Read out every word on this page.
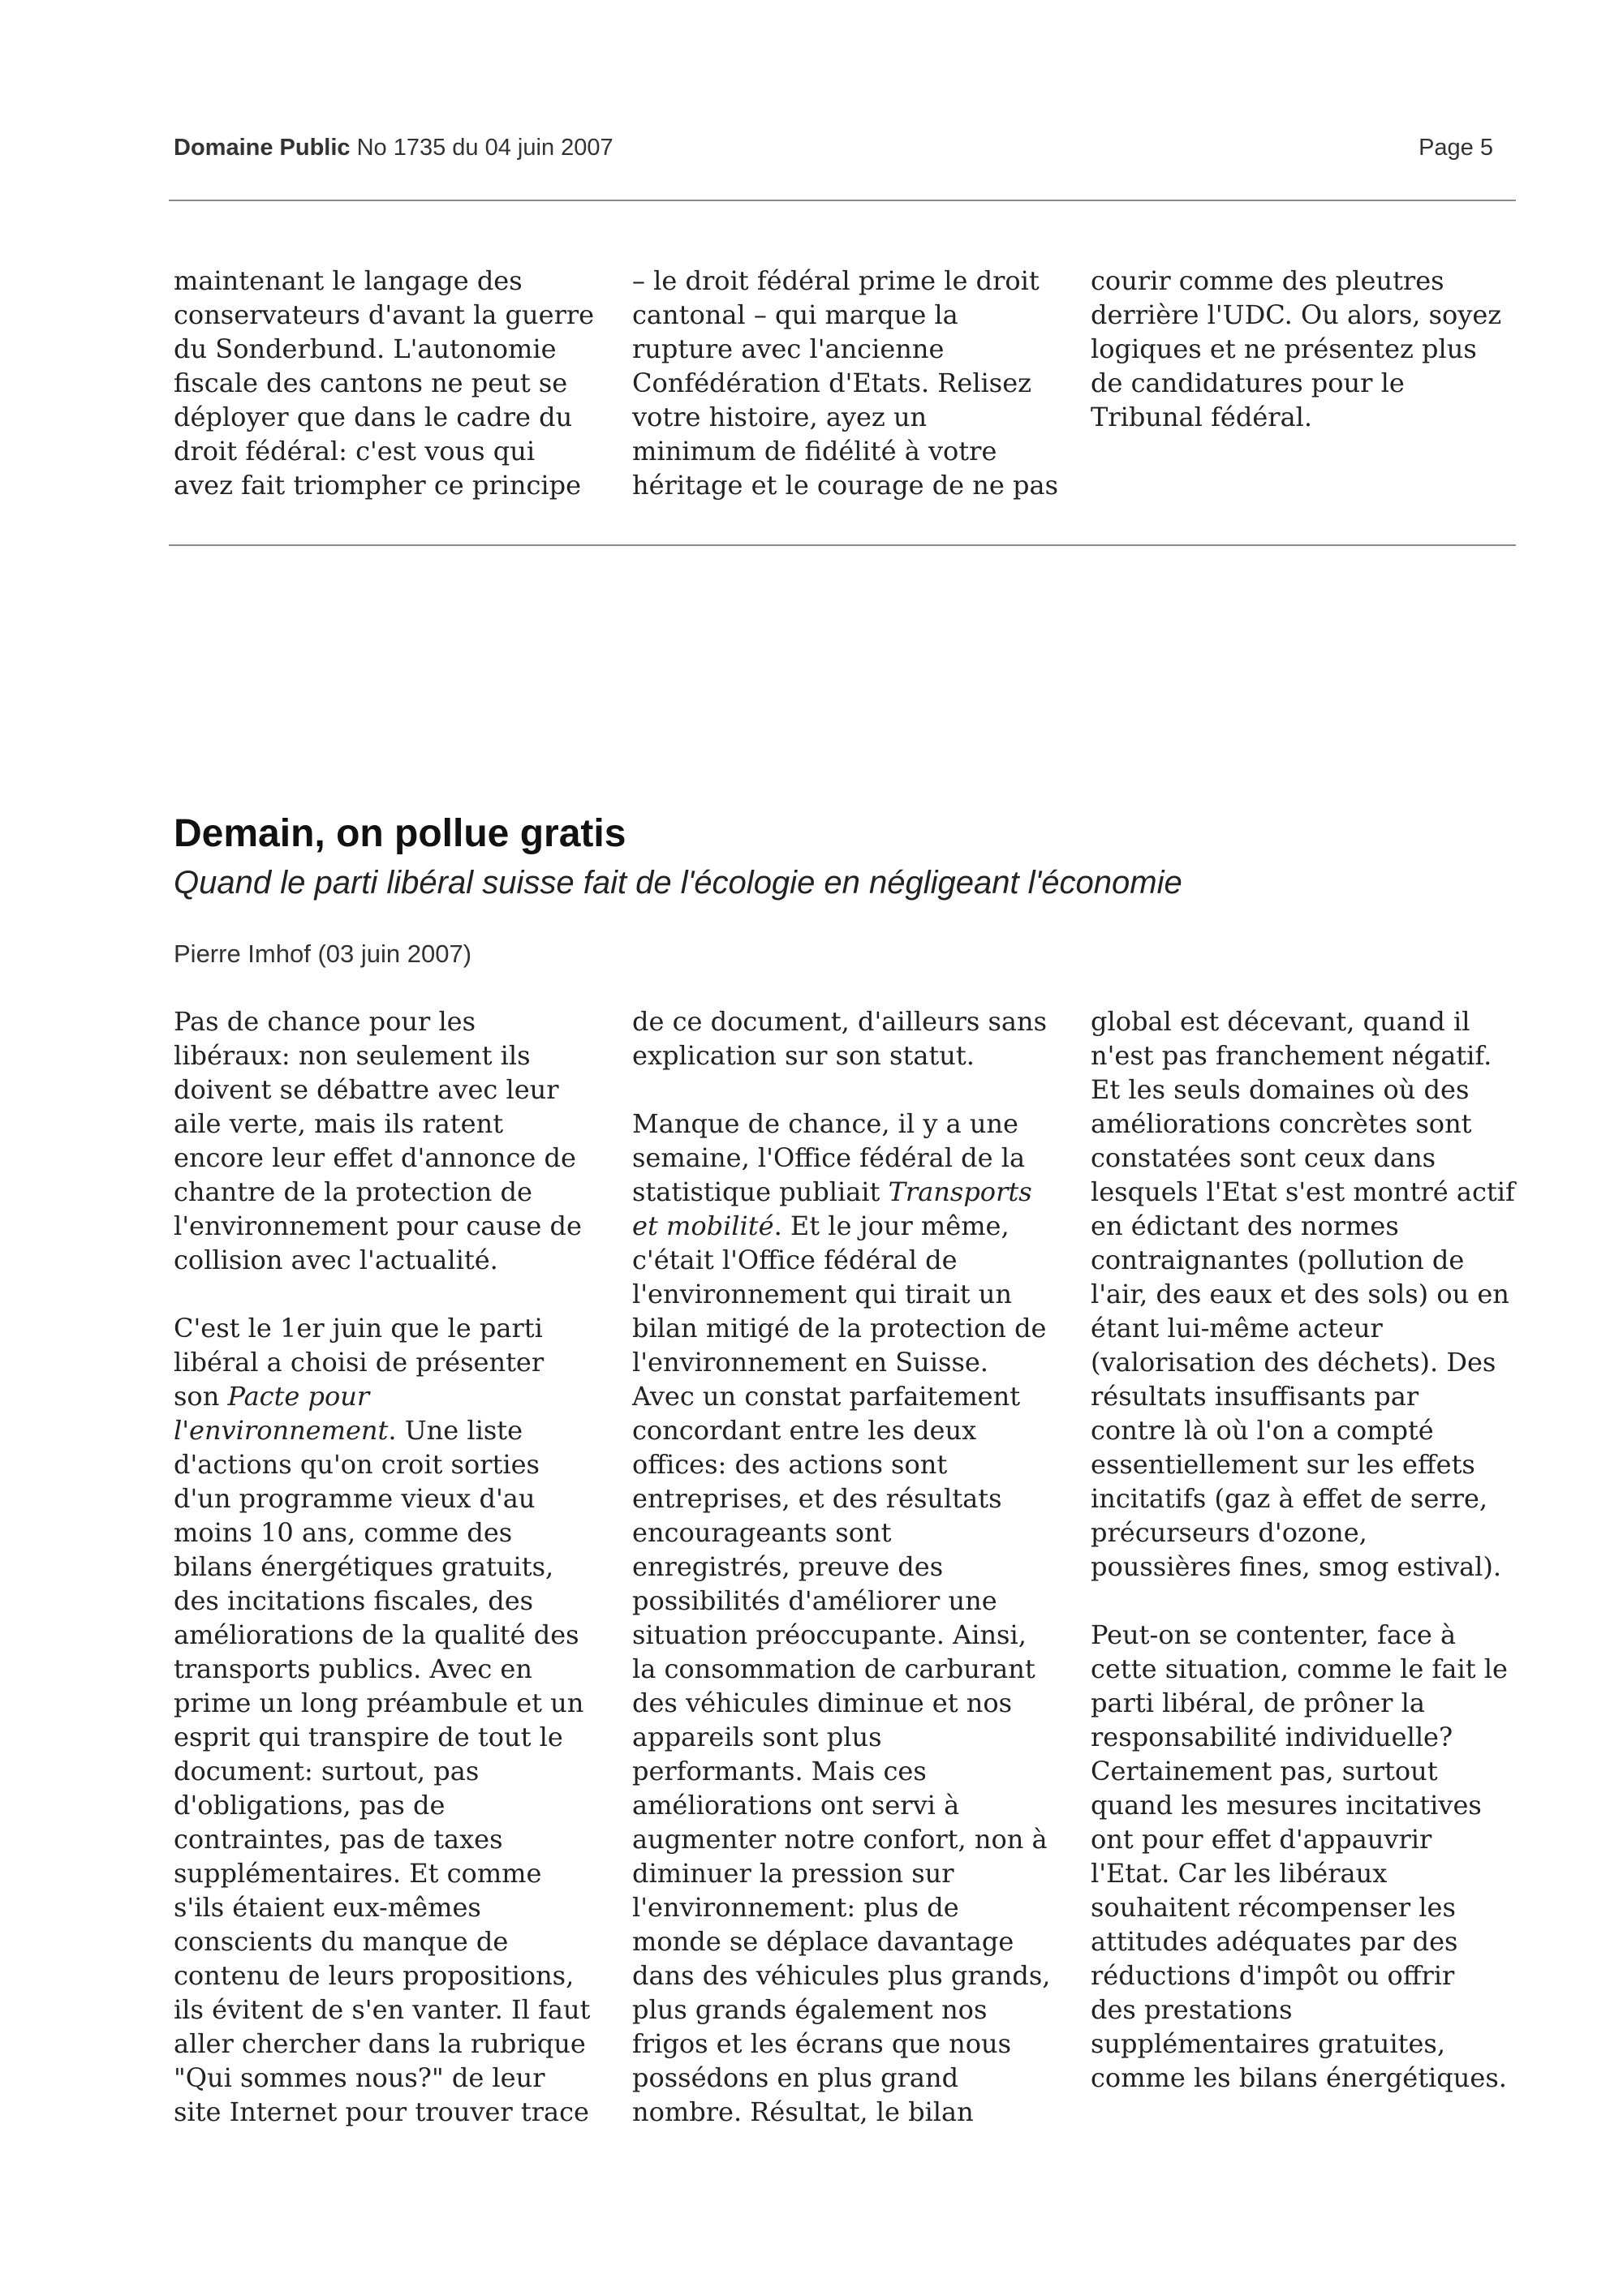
Domaine Public No 1735 du 04 juin 2007	Page 5

maintenant le langage des
conservateurs d'avant la guerre
du Sonderbund. L'autonomie
fiscale des cantons ne peut se
déployer que dans le cadre du
droit fédéral: c'est vous qui
avez fait triompher ce principe

– le droit fédéral prime le droit
cantonal – qui marque la
rupture avec l'ancienne
Confédération d'Etats. Relisez
votre histoire, ayez un
minimum de fidélité à votre
héritage et le courage de ne pas

courir comme des pleutres
derrière l'UDC. Ou alors, soyez
logiques et ne présentez plus
de candidatures pour le
Tribunal fédéral.

Demain, on pollue gratis
Quand le parti libéral suisse fait de l'écologie en négligeant l'économie
Pierre Imhof (03 juin 2007)

Pas de chance pour les
libéraux: non seulement ils
doivent se débattre avec leur
aile verte, mais ils ratent
encore leur effet d'annonce de
chantre de la protection de
l'environnement pour cause de
collision avec l'actualité.

C'est le 1er juin que le parti
libéral a choisi de présenter
son Pacte pour
l'environnement. Une liste
d'actions qu'on croit sorties
d'un programme vieux d'au
moins 10 ans, comme des
bilans énergétiques gratuits,
des incitations fiscales, des
améliorations de la qualité des
transports publics. Avec en
prime un long préambule et un
esprit qui transpire de tout le
document: surtout, pas
d'obligations, pas de
contraintes, pas de taxes
supplémentaires. Et comme
s'ils étaient eux-mêmes
conscients du manque de
contenu de leurs propositions,
ils évitent de s'en vanter. Il faut
aller chercher dans la rubrique
"Qui sommes nous?" de leur
site Internet pour trouver trace

de ce document, d'ailleurs sans
explication sur son statut.

Manque de chance, il y a une
semaine, l'Office fédéral de la
statistique publiait Transports
et mobilité. Et le jour même,
c'était l'Office fédéral de
l'environnement qui tirait un
bilan mitigé de la protection de
l'environnement en Suisse.
Avec un constat parfaitement
concordant entre les deux
offices: des actions sont
entreprises, et des résultats
encourageants sont
enregistrés, preuve des
possibilités d'améliorer une
situation préoccupante. Ainsi,
la consommation de carburant
des véhicules diminue et nos
appareils sont plus
performants. Mais ces
améliorations ont servi à
augmenter notre confort, non à
diminuer la pression sur
l'environnement: plus de
monde se déplace davantage
dans des véhicules plus grands,
plus grands également nos
frigos et les écrans que nous
possédons en plus grand
nombre. Résultat, le bilan

global est décevant, quand il
n'est pas franchement négatif.
Et les seuls domaines où des
améliorations concrètes sont
constatées sont ceux dans
lesquels l'Etat s'est montré actif
en édictant des normes
contraignantes (pollution de
l'air, des eaux et des sols) ou en
étant lui-même acteur
(valorisation des déchets). Des
résultats insuffisants par
contre là où l'on a compté
essentiellement sur les effets
incitatifs (gaz à effet de serre,
précurseurs d'ozone,
poussières fines, smog estival).

Peut-on se contenter, face à
cette situation, comme le fait le
parti libéral, de prôner la
responsabilité individuelle?
Certainement pas, surtout
quand les mesures incitatives
ont pour effet d'appauvrir
l'Etat. Car les libéraux
souhaitent récompenser les
attitudes adéquates par des
réductions d'impôt ou offrir
des prestations
supplémentaires gratuites,
comme les bilans énergétiques.
